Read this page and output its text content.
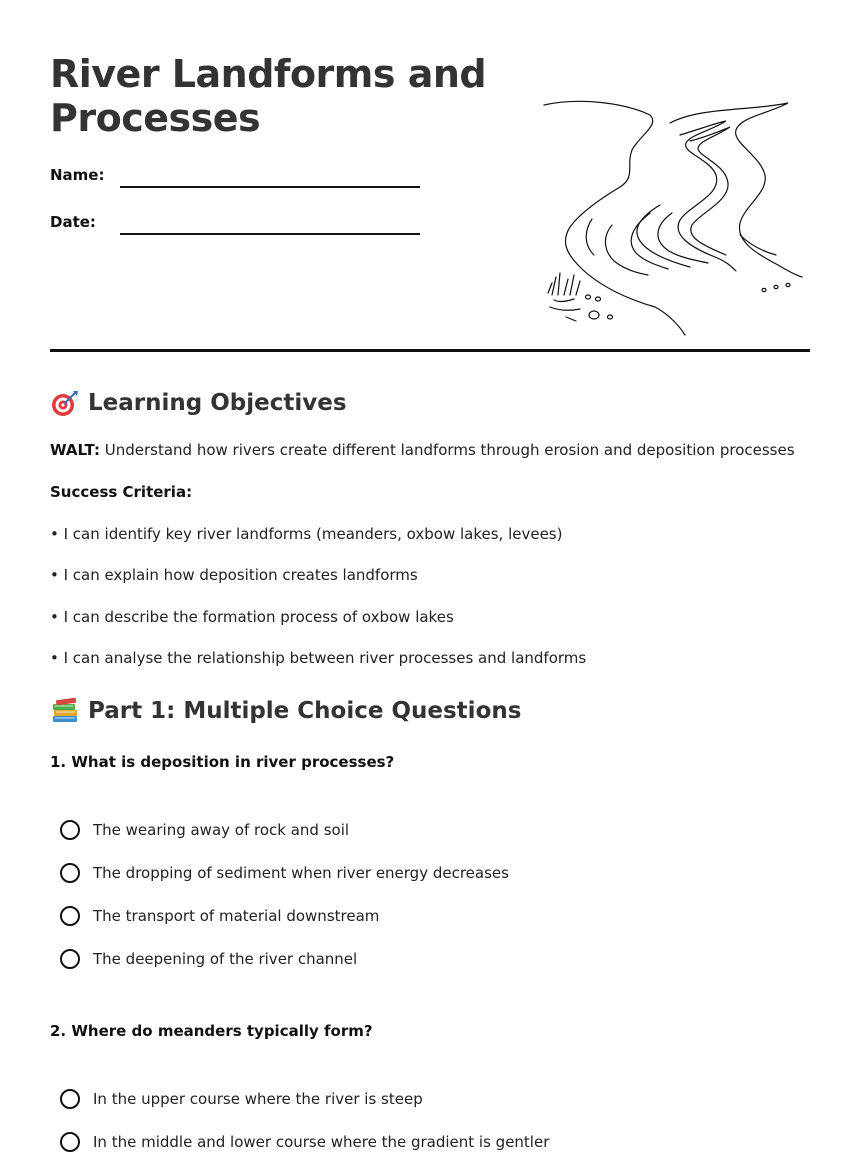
River Landforms and Processes
Name:
Date:
Learning Objectives
WALT: Understand how rivers create different landforms through erosion and deposition processes
Success Criteria:
• I can identify key river landforms (meanders, oxbow lakes, levees)
• I can explain how deposition creates landforms
• I can describe the formation process of oxbow lakes
• I can analyse the relationship between river processes and landforms
Part 1: Multiple Choice Questions
1. What is deposition in river processes?
The wearing away of rock and soil
The dropping of sediment when river energy decreases
The transport of material downstream
The deepening of the river channel
2. Where do meanders typically form?
In the upper course where the river is steep
In the middle and lower course where the gradient is gentler
